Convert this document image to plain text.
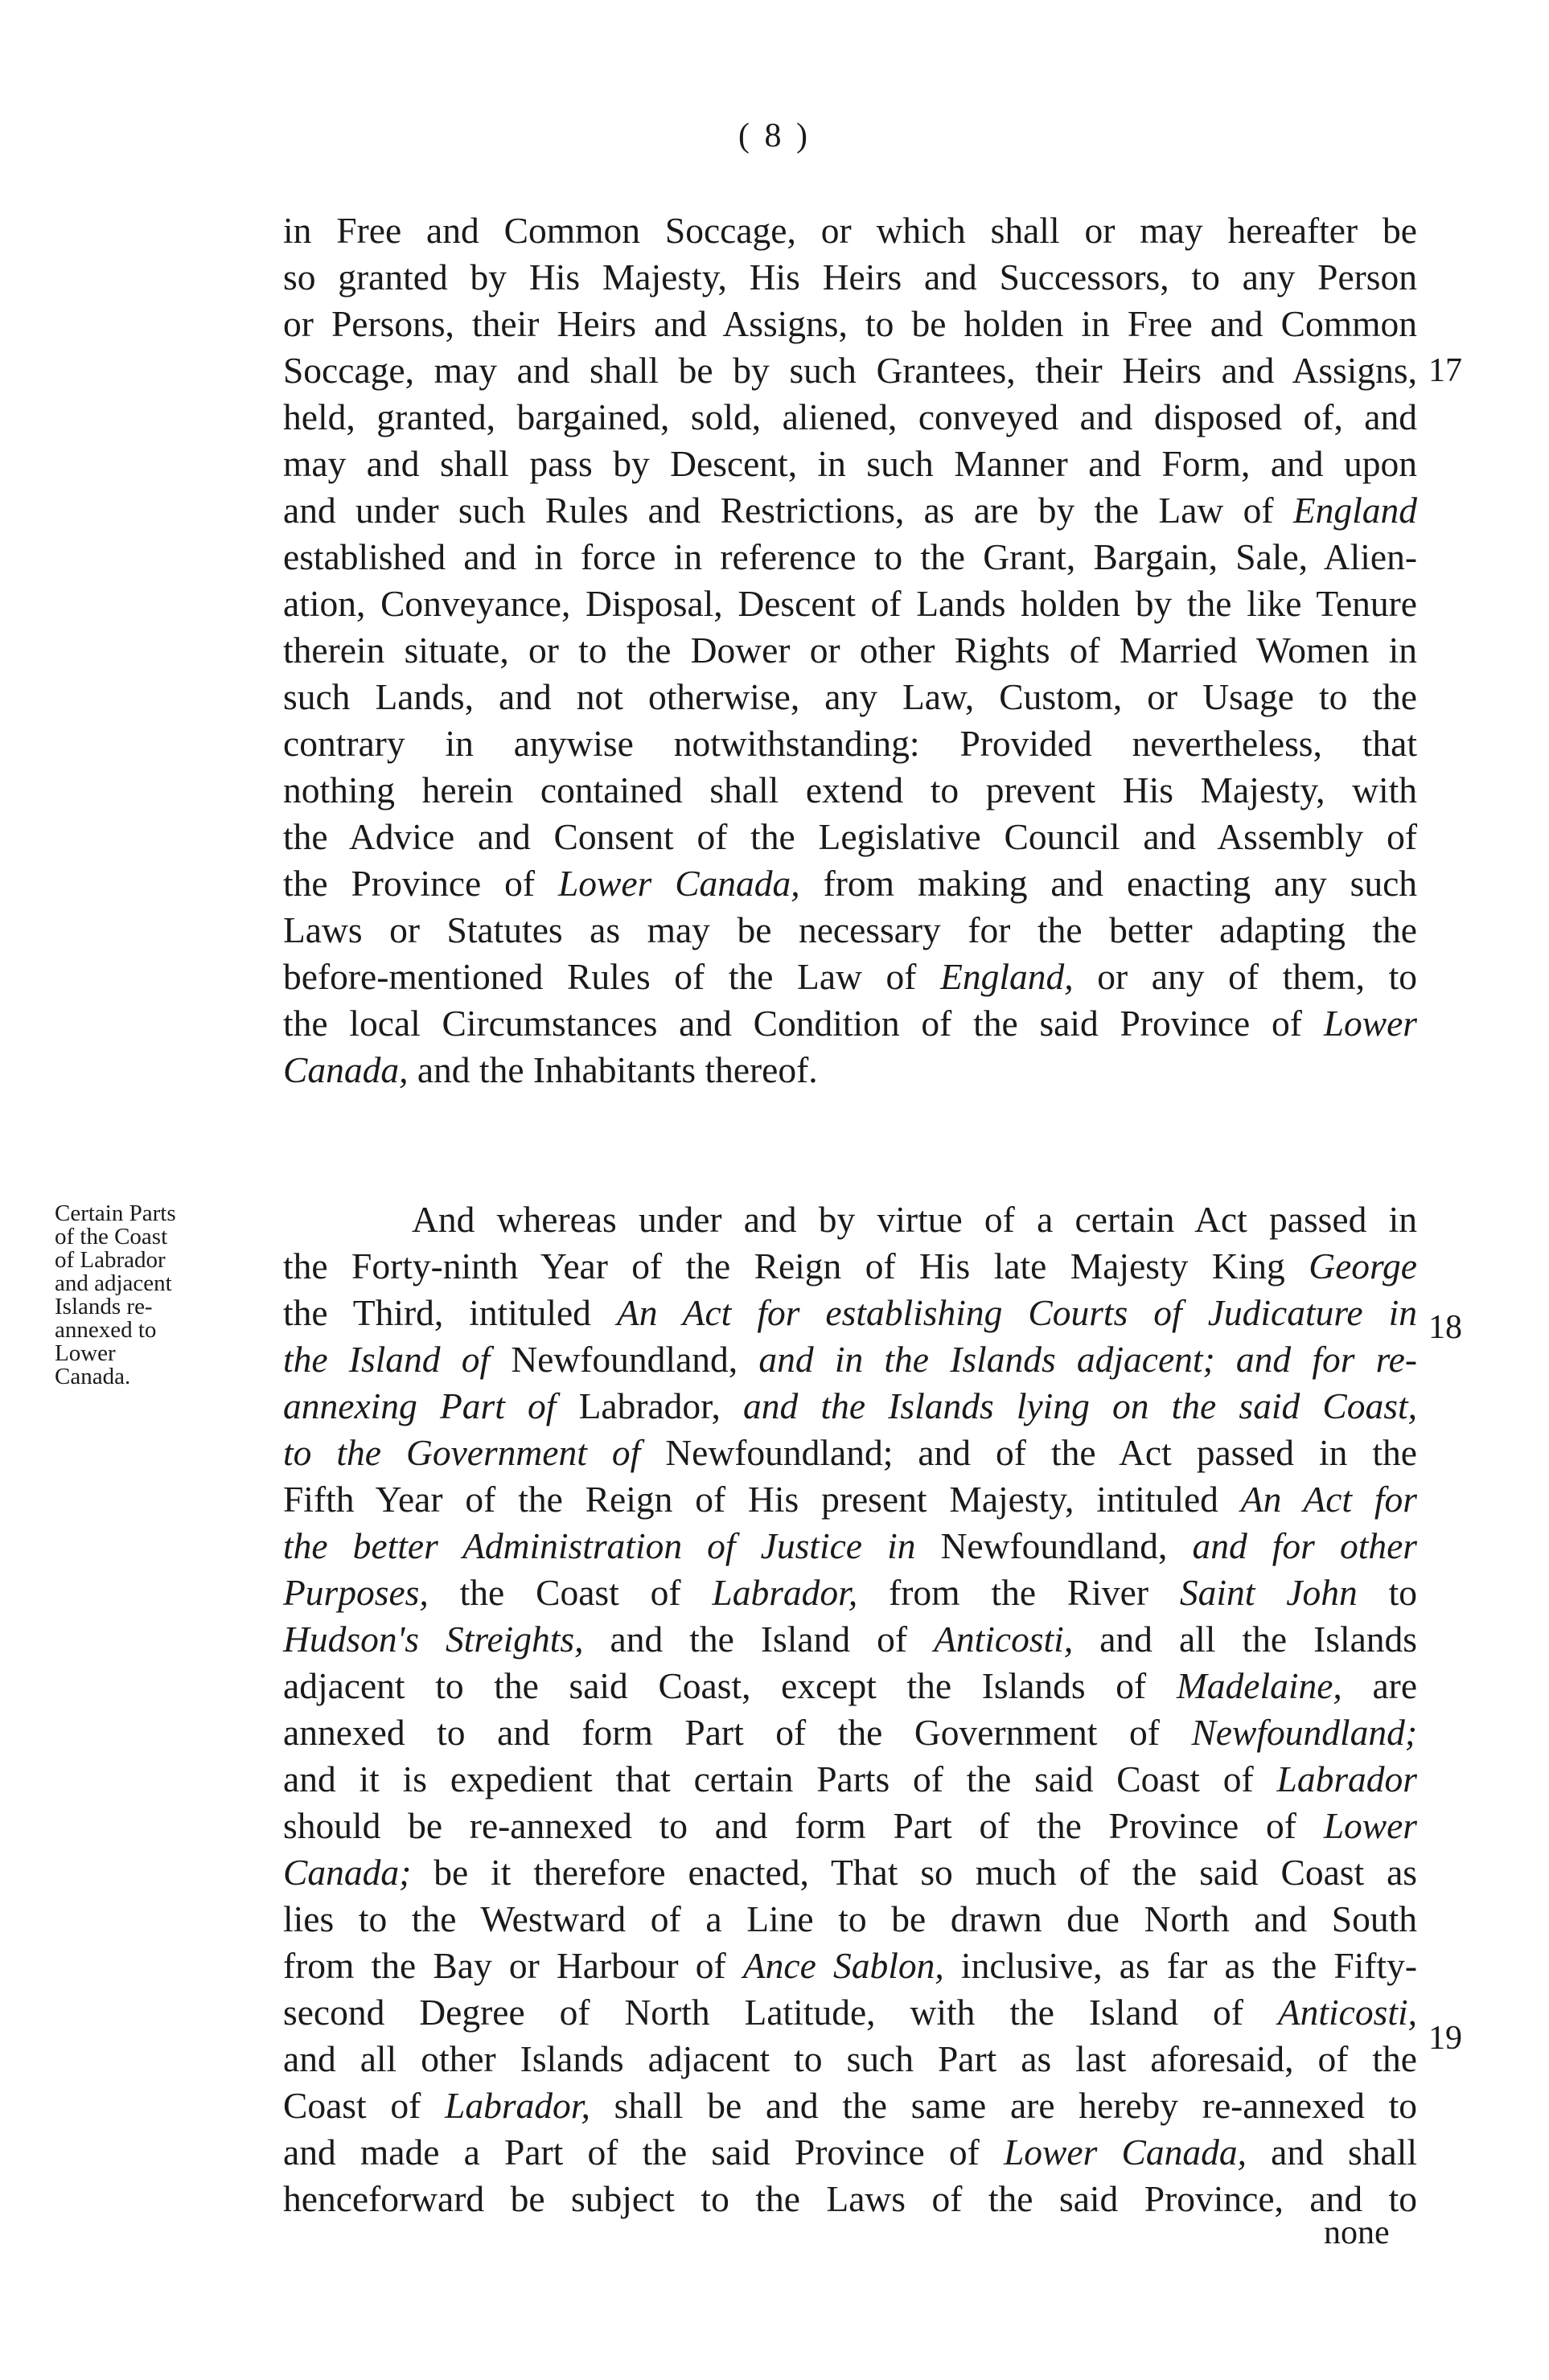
( 8 )
in Free and Common Soccage, or which shall or may hereafter be
so granted by His Majesty, His Heirs and Successors, to any Person
or Persons, their Heirs and Assigns, to be holden in Free and Common
Soccage, may and shall be by such Grantees, their Heirs and Assigns,
held, granted, bargained, sold, aliened, conveyed and disposed of, and
may and shall pass by Descent, in such Manner and Form, and upon
and under such Rules and Restrictions, as are by the Law of England
established and in force in reference to the Grant, Bargain, Sale, Alien-
ation, Conveyance, Disposal, Descent of Lands holden by the like Tenure
therein situate, or to the Dower or other Rights of Married Women in
such Lands, and not otherwise, any Law, Custom, or Usage to the
contrary in anywise notwithstanding: Provided nevertheless, that
nothing herein contained shall extend to prevent His Majesty, with
the Advice and Consent of the Legislative Council and Assembly of
the Province of Lower Canada, from making and enacting any such
Laws or Statutes as may be necessary for the better adapting the
before-mentioned Rules of the Law of England, or any of them, to
the local Circumstances and Condition of the said Province of Lower
Canada, and the Inhabitants thereof.
17
18
19
Certain Parts
of the Coast
of Labrador
and adjacent
Islands re-
annexed to
Lower
Canada.
And whereas under and by virtue of a certain Act passed in
the Forty-ninth Year of the Reign of His late Majesty King George
the Third, intituled An Act for establishing Courts of Judicature in
the Island of Newfoundland, and in the Islands adjacent; and for re-
annexing Part of Labrador, and the Islands lying on the said Coast,
to the Government of Newfoundland; and of the Act passed in the
Fifth Year of the Reign of His present Majesty, intituled An Act for
the better Administration of Justice in Newfoundland, and for other
Purposes, the Coast of Labrador, from the River Saint John to
Hudson's Streights, and the Island of Anticosti, and all the Islands
adjacent to the said Coast, except the Islands of Madelaine, are
annexed to and form Part of the Government of Newfoundland;
and it is expedient that certain Parts of the said Coast of Labrador
should be re-annexed to and form Part of the Province of Lower
Canada; be it therefore enacted, That so much of the said Coast as
lies to the Westward of a Line to be drawn due North and South
from the Bay or Harbour of Ance Sablon, inclusive, as far as the Fifty-
second Degree of North Latitude, with the Island of Anticosti,
and all other Islands adjacent to such Part as last aforesaid, of the
Coast of Labrador, shall be and the same are hereby re-annexed to
and made a Part of the said Province of Lower Canada, and shall
henceforward be subject to the Laws of the said Province, and to
none
